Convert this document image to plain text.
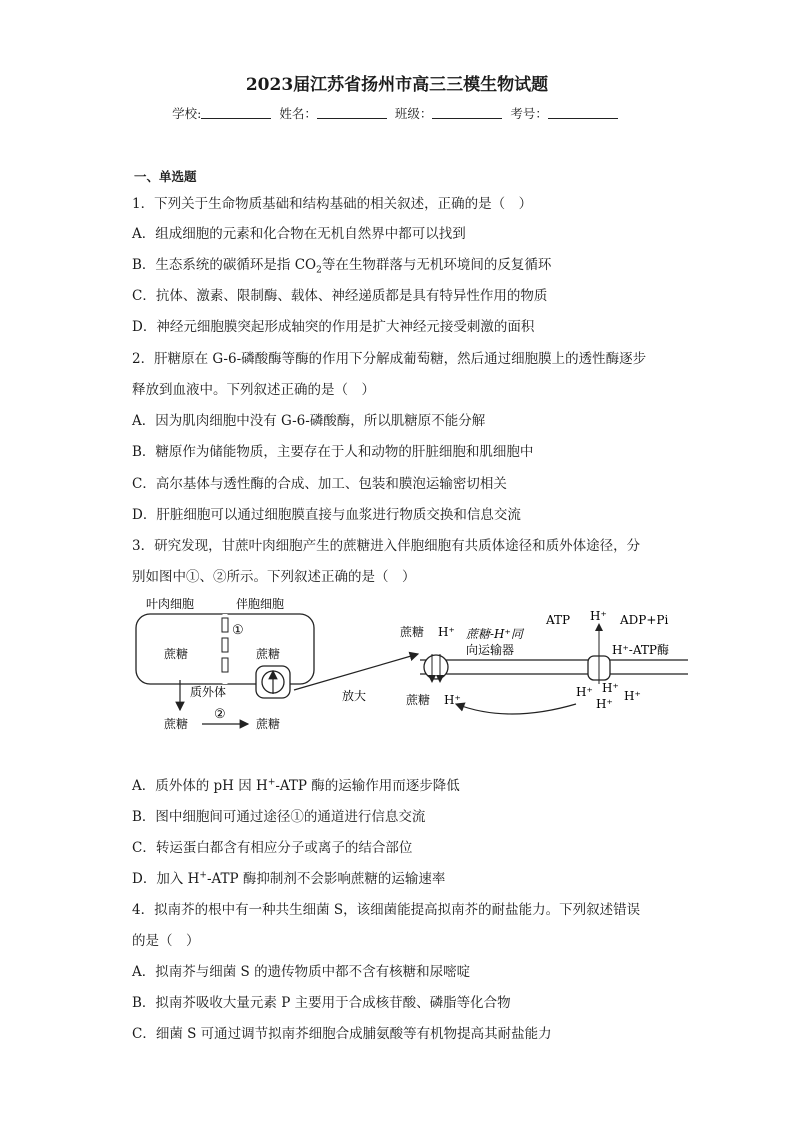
2023届江苏省扬州市高三三模生物试题
学校:	姓名：	班级：	考号：
一、单选题
1．下列关于生命物质基础和结构基础的相关叙述，正确的是（　）
A．组成细胞的元素和化合物在无机自然界中都可以找到
B．生态系统的碳循环是指 $CO_2$等在生物群落与无机环境间的反复循环
C．抗体、激素、限制酶、载体、神经递质都是具有特异性作用的物质
D．神经元细胞膜突起形成轴突的作用是扩大神经元接受刺激的面积
2．肝糖原在 G-6-磷酸酶等酶的作用下分解成葡萄糖，然后通过细胞膜上的透性酶逐步
释放到血液中。下列叙述正确的是（　）
A．因为肌肉细胞中没有 G-6-磷酸酶，所以肌糖原不能分解
B．糖原作为储能物质，主要存在于人和动物的肝脏细胞和肌细胞中
C．高尔基体与透性酶的合成、加工、包装和膜泡运输密切相关
D．肝脏细胞可以通过细胞膜直接与血浆进行物质交换和信息交流
3．研究发现，甘蔗叶肉细胞产生的蔗糖进入伴胞细胞有共质体途径和质外体途径，分
别如图中①、②所示。下列叙述正确的是（　）
叶肉细胞	伴胞细胞
①
蔗糖	蔗糖
质外体
蔗糖
②
蔗糖
放大
蔗糖 H⁺
蔗糖 H⁺
蔗糖-H⁺同
向运输器
ATP H⁺ ADP+Pi
H⁺-ATP酶
H⁺ H⁺
H⁺
H⁺
A．质外体的 pH 因 H+-ATP 酶的运输作用而逐步降低
B．图中细胞间可通过途径①的通道进行信息交流
C．转运蛋白都含有相应分子或离子的结合部位
D．加入 H+-ATP 酶抑制剂不会影响蔗糖的运输速率
4．拟南芥的根中有一种共生细菌 S，该细菌能提高拟南芥的耐盐能力。下列叙述错误
的是（　）
A．拟南芥与细菌 S 的遗传物质中都不含有核糖和尿嘧啶
B．拟南芥吸收大量元素 P 主要用于合成核苷酸、磷脂等化合物
C．细菌 S 可通过调节拟南芥细胞合成脯氨酸等有机物提高其耐盐能力
